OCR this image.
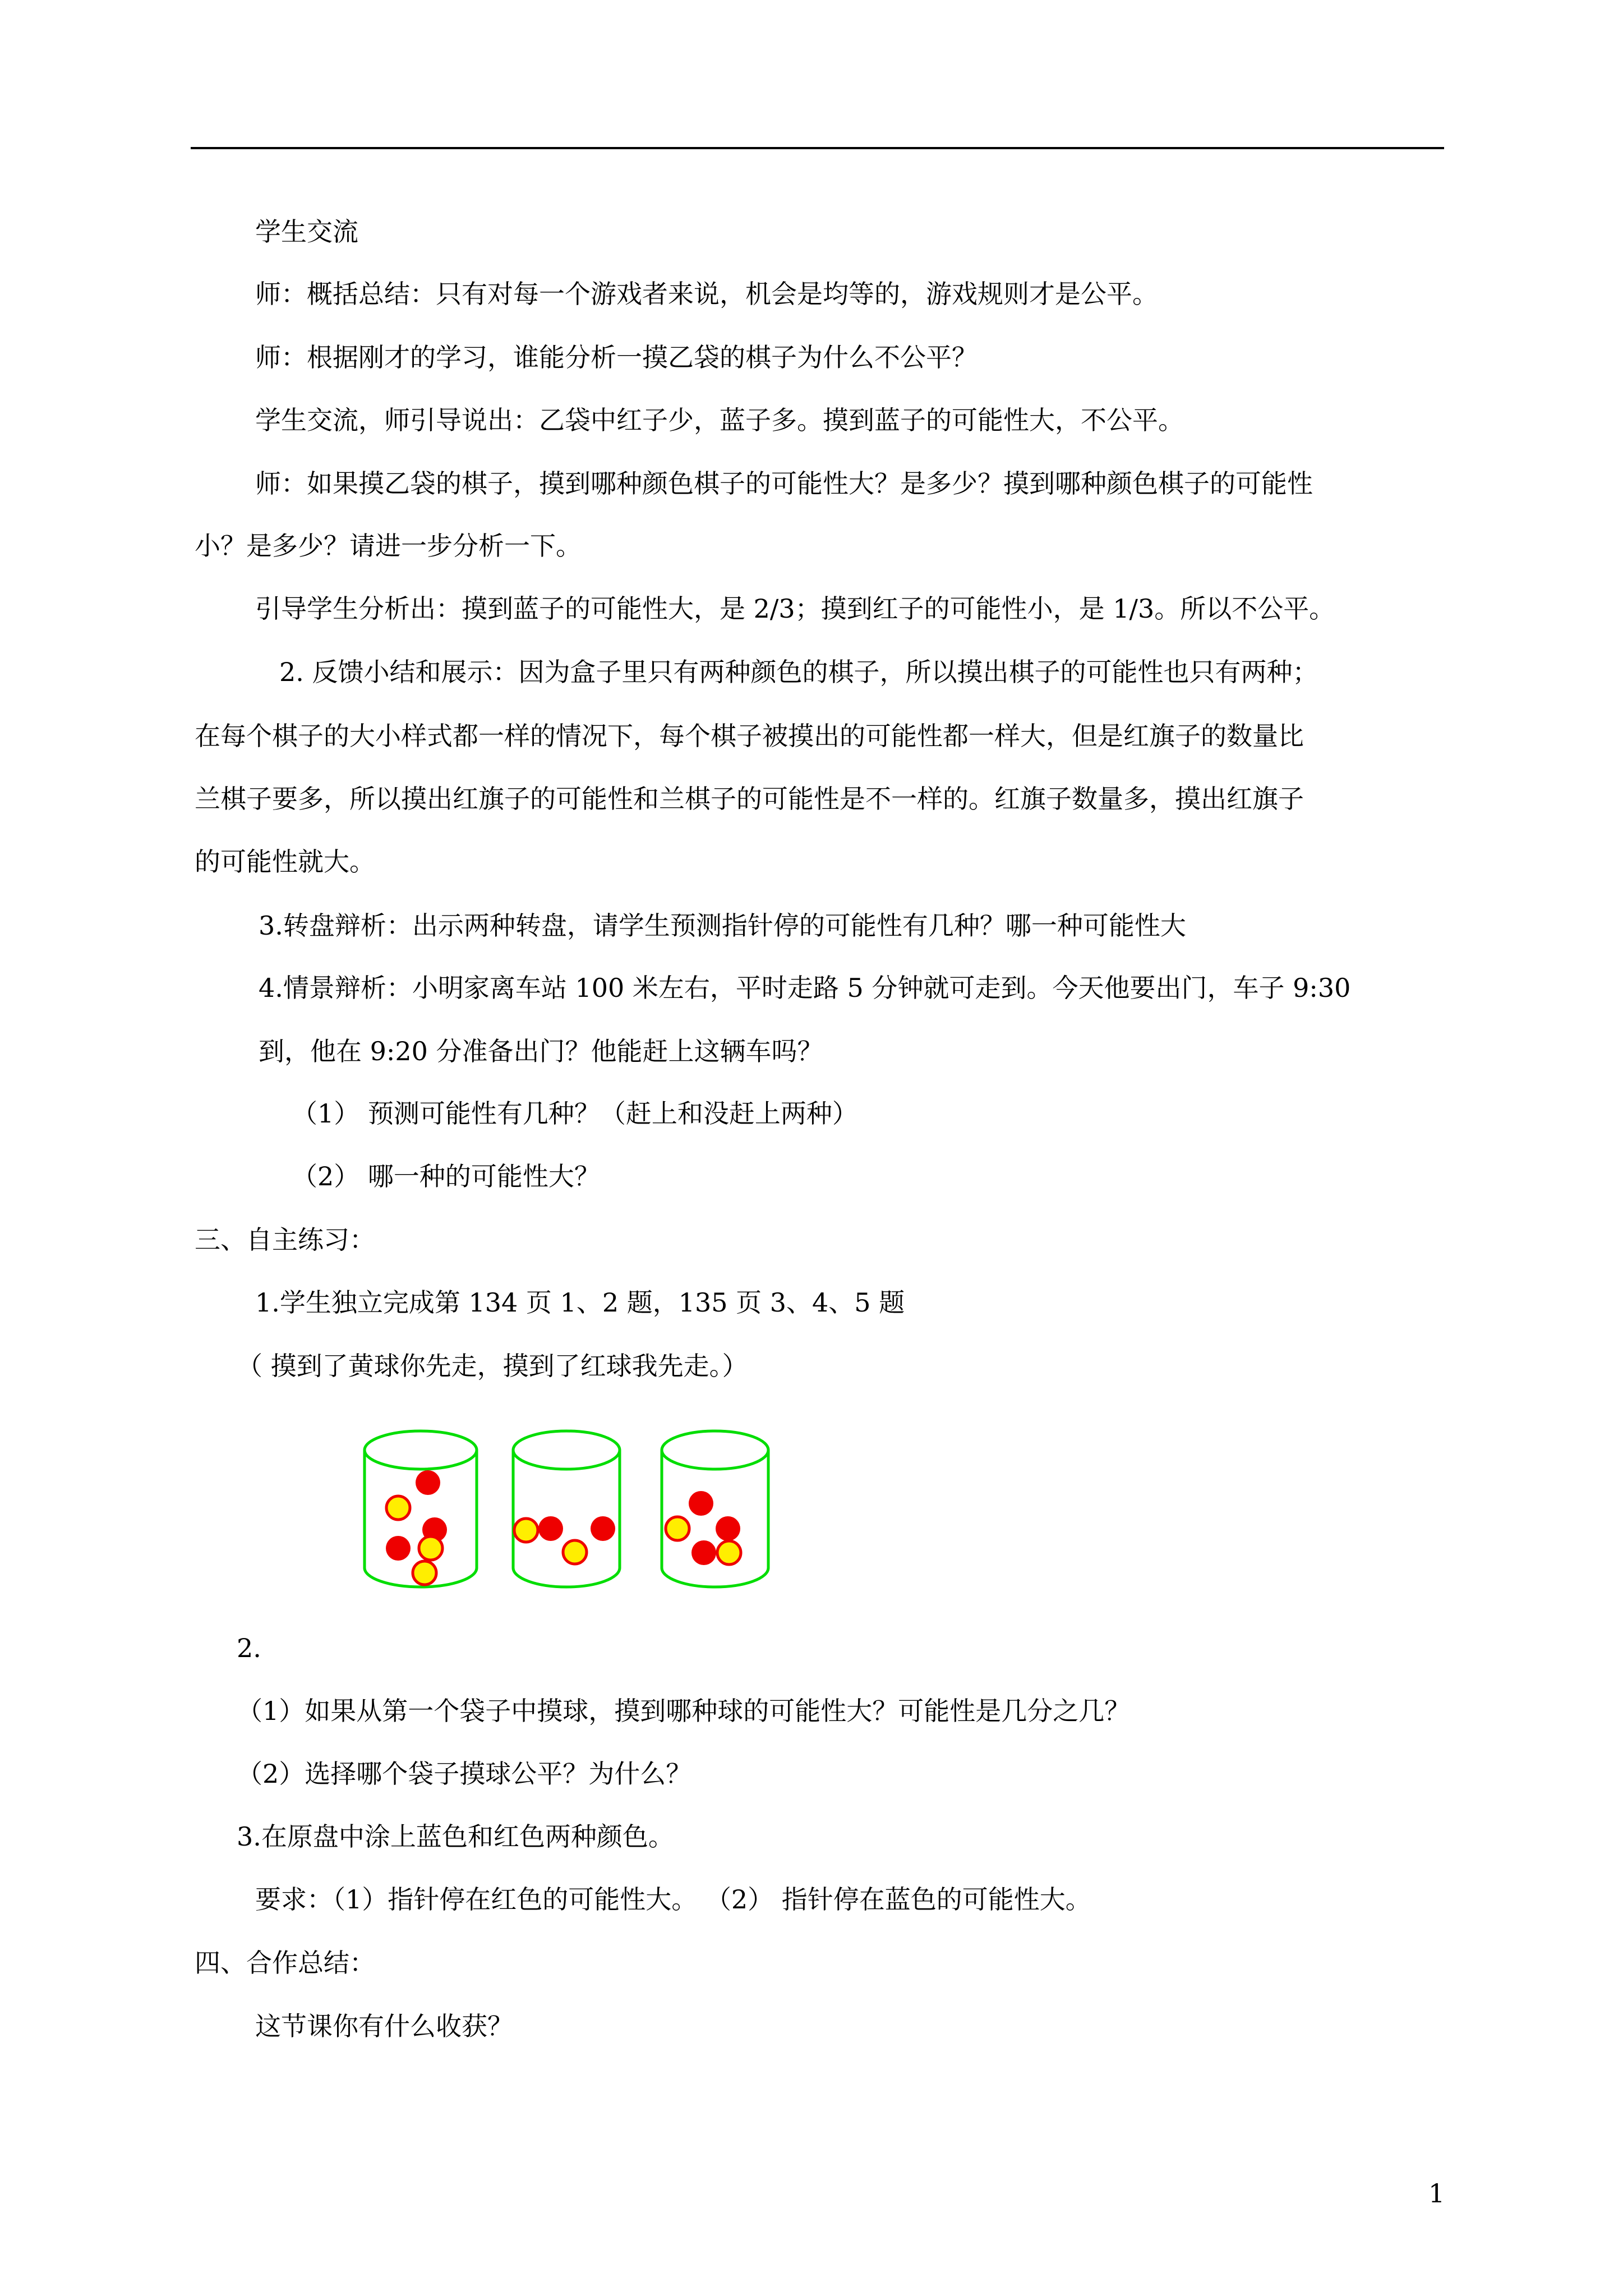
学生交流
师：概括总结：只有对每一个游戏者来说，机会是均等的，游戏规则才是公平。
师：根据刚才的学习，谁能分析一摸乙袋的棋子为什么不公平？
学生交流，师引导说出：乙袋中红子少，蓝子多。摸到蓝子的可能性大，不公平。
师：如果摸乙袋的棋子，摸到哪种颜色棋子的可能性大？是多少？摸到哪种颜色棋子的可能性
小？是多少？请进一步分析一下。
引导学生分析出：摸到蓝子的可能性大，是 2/3；摸到红子的可能性小，是 1/3。所以不公平。
2. 反馈小结和展示：因为盒子里只有两种颜色的棋子，所以摸出棋子的可能性也只有两种；
在每个棋子的大小样式都一样的情况下，每个棋子被摸出的可能性都一样大，但是红旗子的数量比
兰棋子要多，所以摸出红旗子的可能性和兰棋子的可能性是不一样的。红旗子数量多，摸出红旗子
的可能性就大。
3.转盘辩析：出示两种转盘，请学生预测指针停的可能性有几种？哪一种可能性大
4.情景辩析：小明家离车站 100 米左右，平时走路 5 分钟就可走到。今天他要出门，车子 9:30
到，他在 9:20 分准备出门？他能赶上这辆车吗？
（1） 预测可能性有几种？（赶上和没赶上两种）
（2） 哪一种的可能性大？
三、自主练习：
1.学生独立完成第 134 页 1、2 题，135 页 3、4、5 题
（ 摸到了黄球你先走，摸到了红球我先走。）
2.
（1）如果从第一个袋子中摸球，摸到哪种球的可能性大？可能性是几分之几？
（2）选择哪个袋子摸球公平？为什么？
3.在原盘中涂上蓝色和红色两种颜色。
要求：（1）指针停在红色的可能性大。 （2） 指针停在蓝色的可能性大。
四、合作总结：
这节课你有什么收获？
1
